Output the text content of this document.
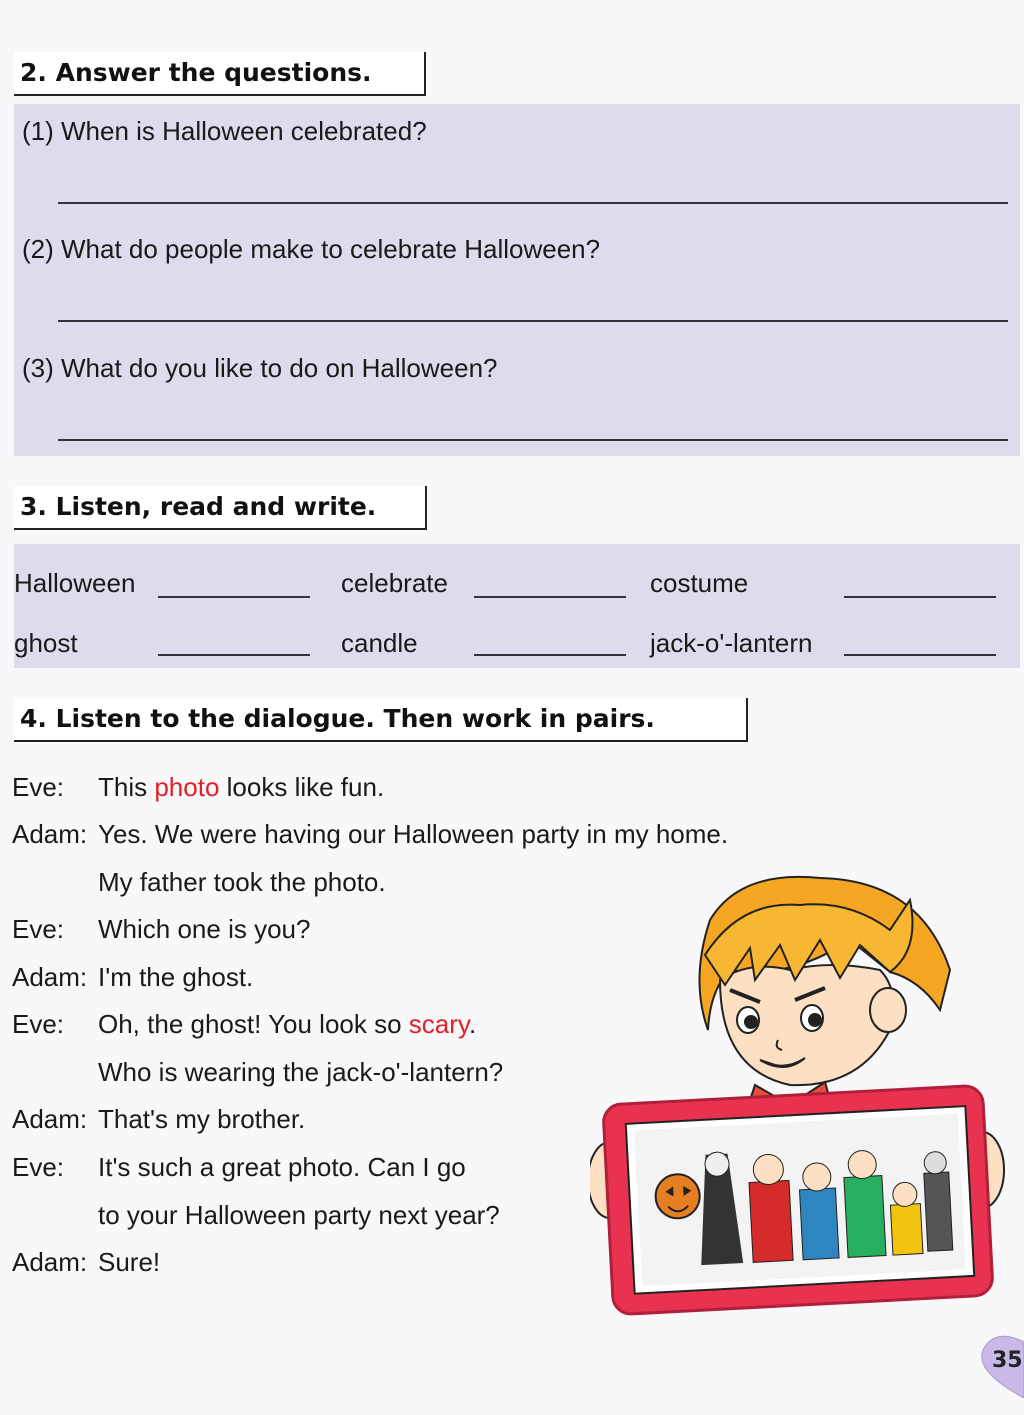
2. Answer the questions.
(1) When is Halloween celebrated?
(2) What do people make to celebrate Halloween?
(3) What do you like to do on Halloween?
3. Listen, read and write.
Halloween	celebrate	costume
ghost	candle	jack-o'-lantern
4. Listen to the dialogue. Then work in pairs.
Eve: This photo looks like fun.
Adam: Yes. We were having our Halloween party in my home.
My father took the photo.
Eve: Which one is you?
Adam: I'm the ghost.
Eve: Oh, the ghost! You look so scary.
Who is wearing the jack-o'-lantern?
Adam: That's my brother.
Eve: It's such a great photo. Can I go
to your Halloween party next year?
Adam: Sure!
35
